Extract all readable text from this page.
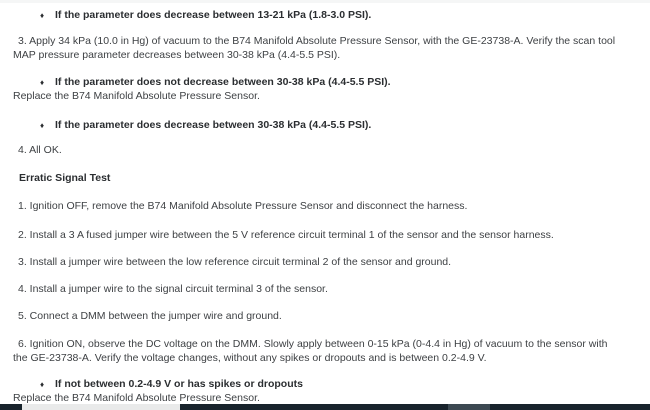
♦ If the parameter does decrease between 13-21 kPa (1.8-3.0 PSI).
3. Apply 34 kPa (10.0 in Hg) of vacuum to the B74 Manifold Absolute Pressure Sensor, with the GE-23738-A. Verify the scan tool
MAP pressure parameter decreases between 30-38 kPa (4.4-5.5 PSI).
♦ If the parameter does not decrease between 30-38 kPa (4.4-5.5 PSI).
Replace the B74 Manifold Absolute Pressure Sensor.
♦ If the parameter does decrease between 30-38 kPa (4.4-5.5 PSI).
4. All OK.
Erratic Signal Test
1. Ignition OFF, remove the B74 Manifold Absolute Pressure Sensor and disconnect the harness.
2. Install a 3 A fused jumper wire between the 5 V reference circuit terminal 1 of the sensor and the sensor harness.
3. Install a jumper wire between the low reference circuit terminal 2 of the sensor and ground.
4. Install a jumper wire to the signal circuit terminal 3 of the sensor.
5. Connect a DMM between the jumper wire and ground.
6. Ignition ON, observe the DC voltage on the DMM. Slowly apply between 0-15 kPa (0-4.4 in Hg) of vacuum to the sensor with
the GE-23738-A. Verify the voltage changes, without any spikes or dropouts and is between 0.2-4.9 V.
♦ If not between 0.2-4.9 V or has spikes or dropouts
Replace the B74 Manifold Absolute Pressure Sensor.
